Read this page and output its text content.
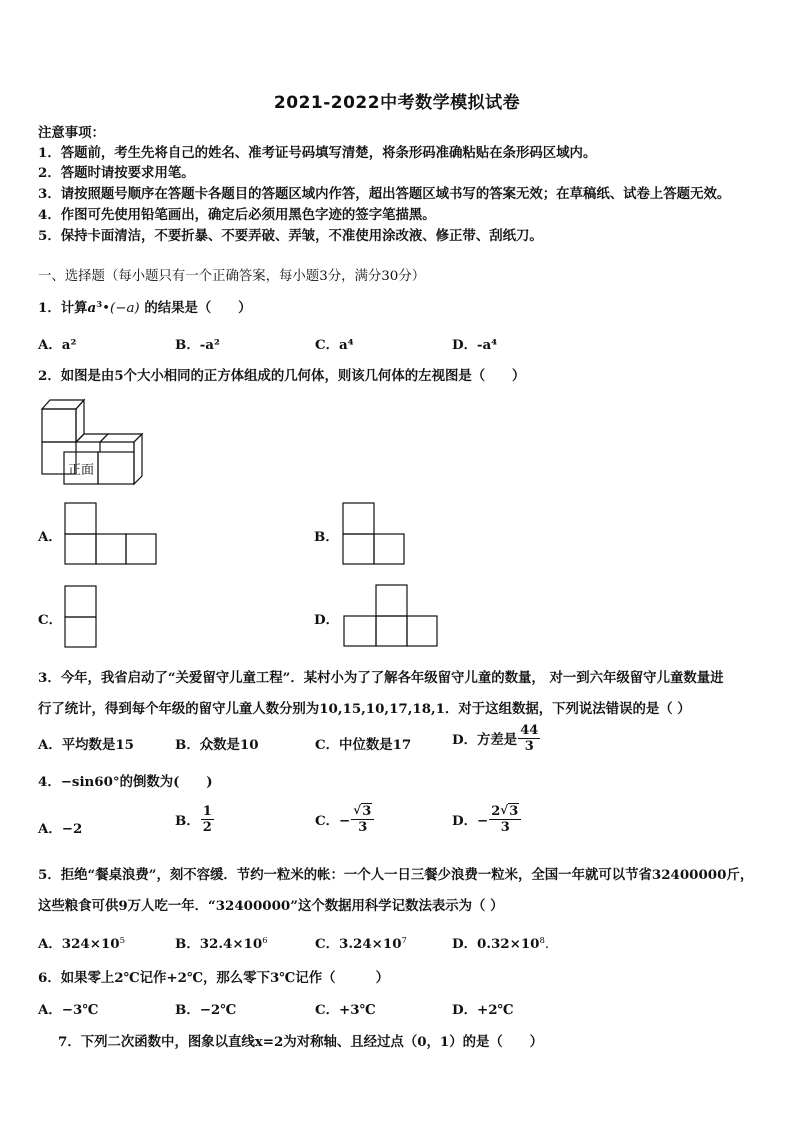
2021-2022中考数学模拟试卷
注意事项：
1．答题前，考生先将自己的姓名、准考证号码填写清楚，将条形码准确粘贴在条形码区域内。
2．答题时请按要求用笔。
3．请按照题号顺序在答题卡各题目的答题区域内作答，超出答题区域书写的答案无效；在草稿纸、试卷上答题无效。
4．作图可先使用铅笔画出，确定后必须用黑色字迹的签字笔描黑。
5．保持卡面清洁，不要折暴、不要弄破、弄皱，不准使用涂改液、修正带、刮纸刀。
一、选择题（每小题只有一个正确答案，每小题3分，满分30分）
1．计算$a^3•(-a)$ 的结果是（　　）
A．a²	B．-a²	C．a⁴	D．-a⁴
2．如图是由5个大小相同的正方体组成的几何体，则该几何体的左视图是（　　）
正面
A．	B．
C．	D．
3．今年，我省启动了“关爱留守儿童工程”．某村小为了了解各年级留守儿童的数量， 对一到六年级留守儿童数量进
行了统计，得到每个年级的留守儿童人数分别为10,15,10,17,18,1．对于这组数据，下列说法错误的是（ ）
A．平均数是15	B．众数是10	C．中位数是17	D．方差是 $\frac{44}{3}$
4．−sin60°的倒数为(　　)
A．−2	B． $\frac{1}{2}$	C．− √ $\frac{3}{3}$	D．− $\frac{2 √ 3}{3}$
5．拒绝“餐桌浪费”，刻不容缓．节约一粒米的帐：一个人一日三餐少浪费一粒米，全国一年就可以节省32400000斤，
这些粮食可供9万人吃一年．“32400000”这个数据用科学记数法表示为（ ）
A．$324\times 10^5$	B．$32.4\times 10^6$	C．$3.24\times 10^7$	D．$0.32\times 10^8$．
6．如果零上2℃记作+2℃，那么零下3℃记作（　　　）
A．−3℃	B．−2℃	C．+3℃	D．+2℃
7．下列二次函数中，图象以直线x=2为对称轴、且经过点（0，1）的是（　　）
